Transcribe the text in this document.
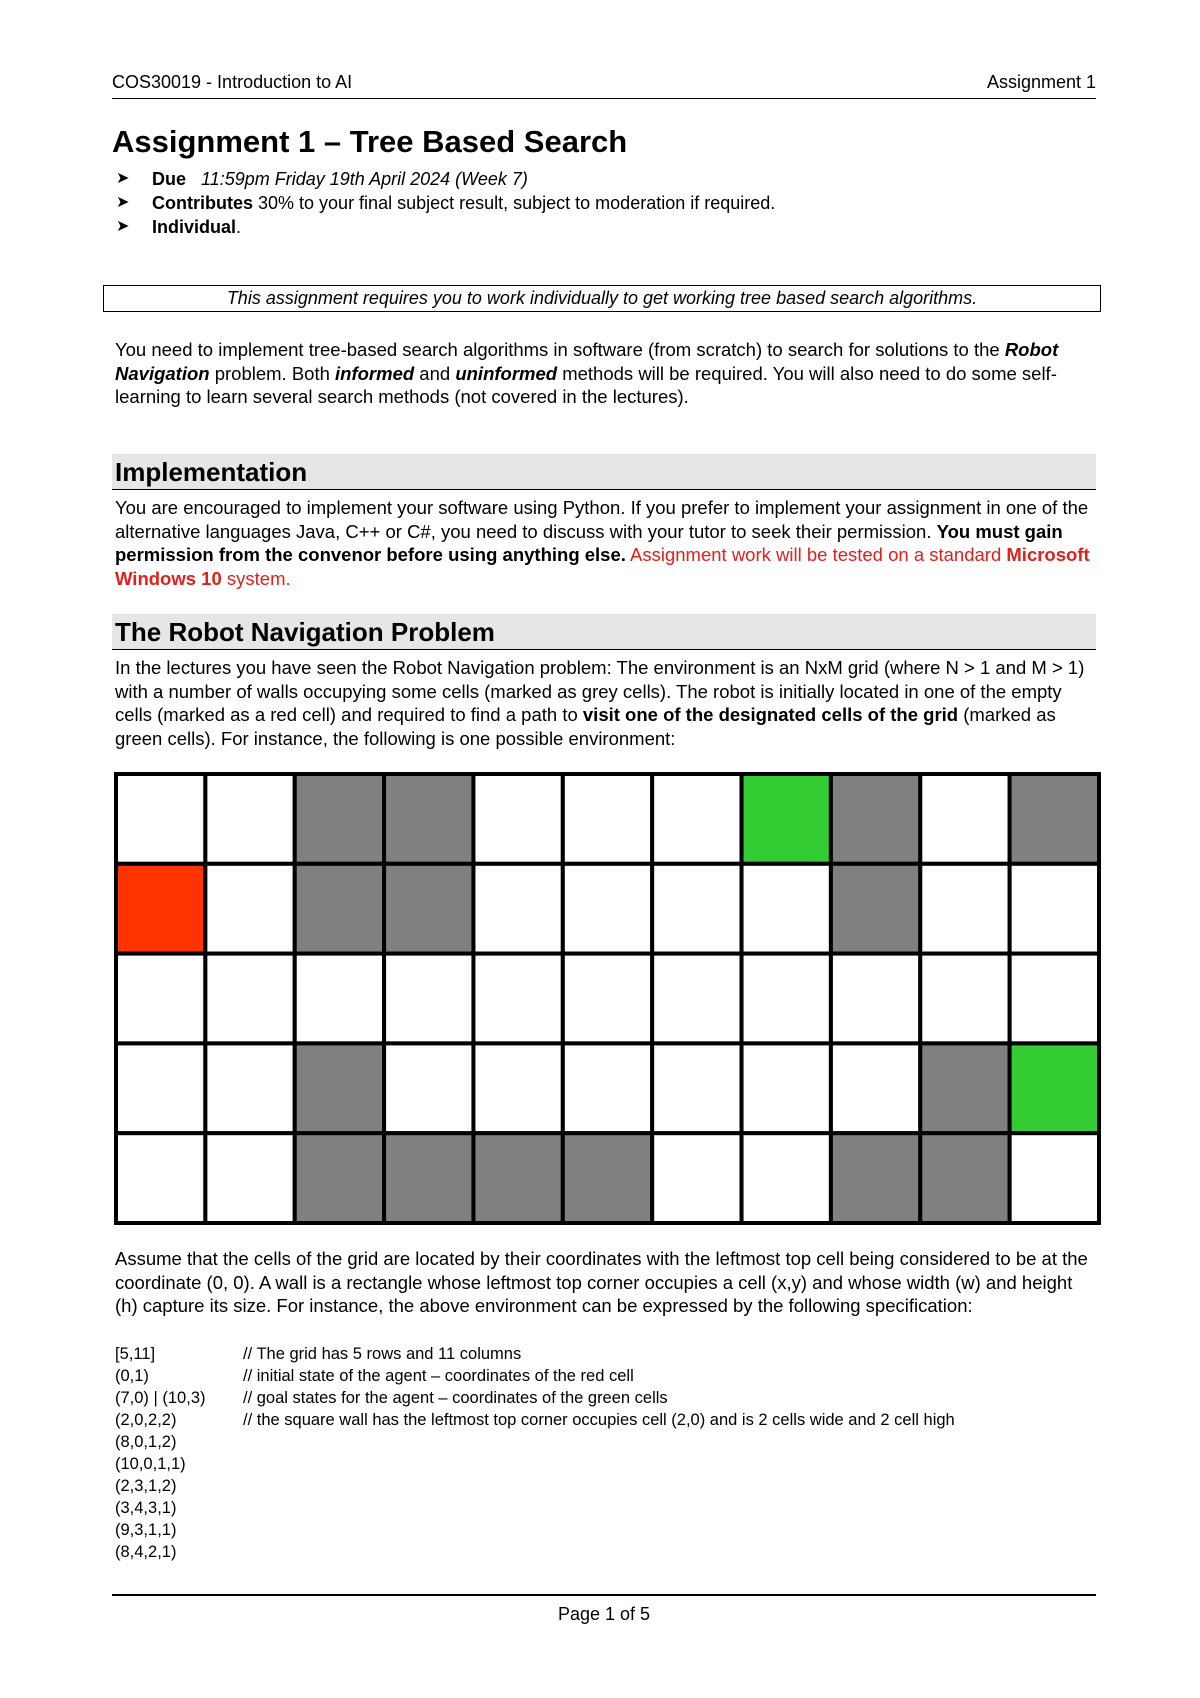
COS30019 - Introduction to AI	Assignment 1
Assignment 1 – Tree Based Search
➤ Due 11:59pm Friday 19th April 2024 (Week 7)
➤ Contributes 30% to your final subject result, subject to moderation if required.
➤ Individual.
This assignment requires you to work individually to get working tree based search algorithms.

You need to implement tree-based search algorithms in software (from scratch) to search for solutions to the Robot Navigation problem. Both informed and uninformed methods will be required. You will also need to do some self-learning to learn several search methods (not covered in the lectures).

Implementation

You are encouraged to implement your software using Python. If you prefer to implement your assignment in one of the alternative languages Java, C++ or C#, you need to discuss with your tutor to seek their permission. You must gain permission from the convenor before using anything else. Assignment work will be tested on a standard Microsoft Windows 10 system.

The Robot Navigation Problem

In the lectures you have seen the Robot Navigation problem: The environment is an NxM grid (where N > 1 and M > 1) with a number of walls occupying some cells (marked as grey cells). The robot is initially located in one of the empty cells (marked as a red cell) and required to find a path to visit one of the designated cells of the grid (marked as green cells). For instance, the following is one possible environment:

Assume that the cells of the grid are located by their coordinates with the leftmost top cell being considered to be at the coordinate (0, 0). A wall is a rectangle whose leftmost top corner occupies a cell (x,y) and whose width (w) and height (h) capture its size. For instance, the above environment can be expressed by the following specification:

[5,11]	// The grid has 5 rows and 11 columns
(0,1)	// initial state of the agent – coordinates of the red cell
(7,0) | (10,3)	// goal states for the agent – coordinates of the green cells
(2,0,2,2)	// the square wall has the leftmost top corner occupies cell (2,0) and is 2 cells wide and 2 cell high
(8,0,1,2)
(10,0,1,1)
(2,3,1,2)
(3,4,3,1)
(9,3,1,1)
(8,4,2,1)
Page 1 of 5
